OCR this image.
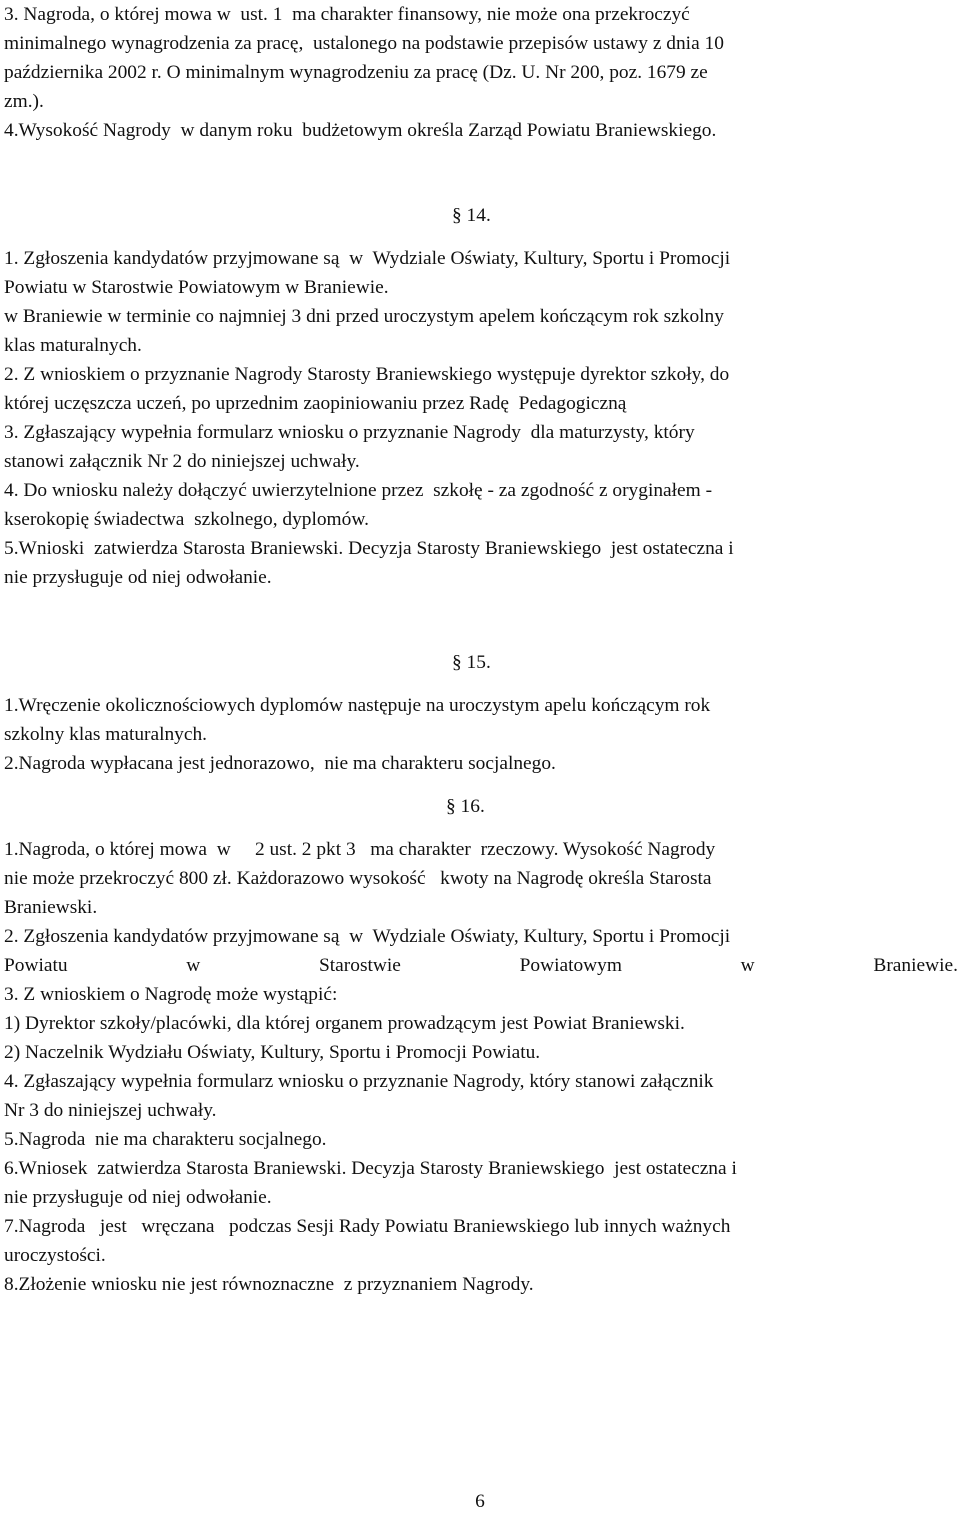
3. Nagroda, o której mowa w  ust. 1  ma charakter finansowy, nie może ona przekroczyć
minimalnego wynagrodzenia za pracę,  ustalonego na podstawie przepisów ustawy z dnia 10
października 2002 r. O minimalnym wynagrodzeniu za pracę (Dz. U. Nr 200, poz. 1679 ze
zm.).
4.Wysokość Nagrody  w danym roku  budżetowym określa Zarząd Powiatu Braniewskiego.
§ 14.
1. Zgłoszenia kandydatów przyjmowane są  w  Wydziale Oświaty, Kultury, Sportu i Promocji
Powiatu w Starostwie Powiatowym w Braniewie.
w Braniewie w terminie co najmniej 3 dni przed uroczystym apelem kończącym rok szkolny
klas maturalnych.
2. Z wnioskiem o przyznanie Nagrody Starosty Braniewskiego występuje dyrektor szkoły, do
której uczęszcza uczeń, po uprzednim zaopiniowaniu przez Radę  Pedagogiczną
3. Zgłaszający wypełnia formularz wniosku o przyznanie Nagrody  dla maturzysty, który
stanowi załącznik Nr 2 do niniejszej uchwały.
4. Do wniosku należy dołączyć uwierzytelnione przez  szkołę - za zgodność z oryginałem -
kserokopię świadectwa  szkolnego, dyplomów.
5.Wnioski  zatwierdza Starosta Braniewski. Decyzja Starosty Braniewskiego  jest ostateczna i
nie przysługuje od niej odwołanie.
§ 15.
1.Wręczenie okolicznościowych dyplomów następuje na uroczystym apelu kończącym rok
szkolny klas maturalnych.
2.Nagroda wypłacana jest jednorazowo,  nie ma charakteru socjalnego.
§ 16.
1.Nagroda, o której mowa  w     2 ust. 2 pkt 3   ma charakter  rzeczowy. Wysokość Nagrody
nie może przekroczyć 800 zł. Każdorazowo wysokość   kwoty na Nagrodę określa Starosta
Braniewski.
2. Zgłoszenia kandydatów przyjmowane są  w  Wydziale Oświaty, Kultury, Sportu i Promocji
Powiatu	w	Starostwie	Powiatowym	w	Braniewie.
3. Z wnioskiem o Nagrodę może wystąpić:
1) Dyrektor szkoły/placówki, dla której organem prowadzącym jest Powiat Braniewski.
2) Naczelnik Wydziału Oświaty, Kultury, Sportu i Promocji Powiatu.
4. Zgłaszający wypełnia formularz wniosku o przyznanie Nagrody, który stanowi załącznik
Nr 3 do niniejszej uchwały.
5.Nagroda  nie ma charakteru socjalnego.
6.Wniosek  zatwierdza Starosta Braniewski. Decyzja Starosty Braniewskiego  jest ostateczna i
nie przysługuje od niej odwołanie.
7.Nagroda   jest   wręczana   podczas Sesji Rady Powiatu Braniewskiego lub innych ważnych
uroczystości.
8.Złożenie wniosku nie jest równoznaczne  z przyznaniem Nagrody.
6
